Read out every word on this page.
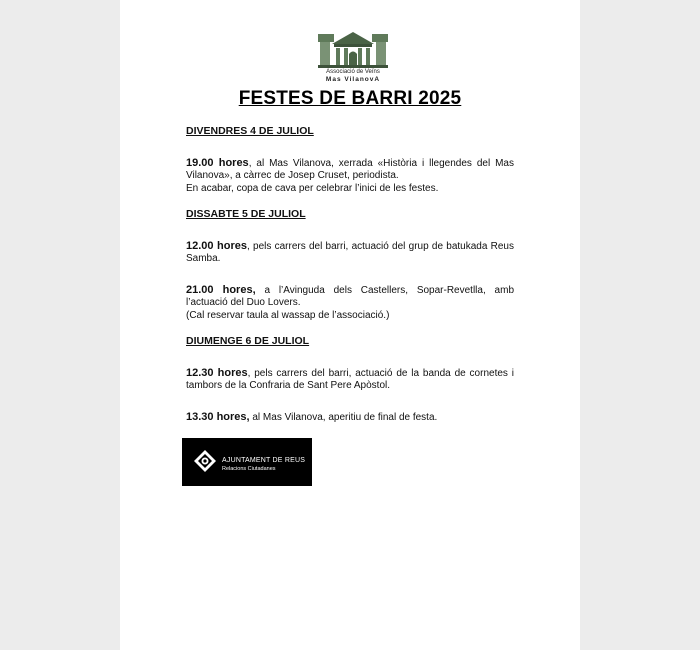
Associació de Veïns
Mas VilanovA
FESTES DE BARRI 2025
DIVENDRES 4 DE JULIOL
19.00 hores, al Mas Vilanova, xerrada «Història i llegendes del Mas Vilanova», a càrrec de Josep Cruset, periodista.
En acabar, copa de cava per celebrar l’inici de les festes.
DISSABTE 5 DE JULIOL
12.00 hores, pels carrers del barri, actuació del grup de batukada Reus Samba.
21.00 hores, a l’Avinguda dels Castellers, Sopar-Revetlla, amb l’actuació del Duo Lovers.
(Cal reservar taula al wassap de l’associació.)
DIUMENGE 6 DE JULIOL
12.30 hores, pels carrers del barri, actuació de la banda de cornetes i tambors de la Confraria de Sant Pere Apòstol.
13.30 hores, al Mas Vilanova, aperitiu de final de festa.
AJUNTAMENT DE REUS
Relacions Ciutadanes
